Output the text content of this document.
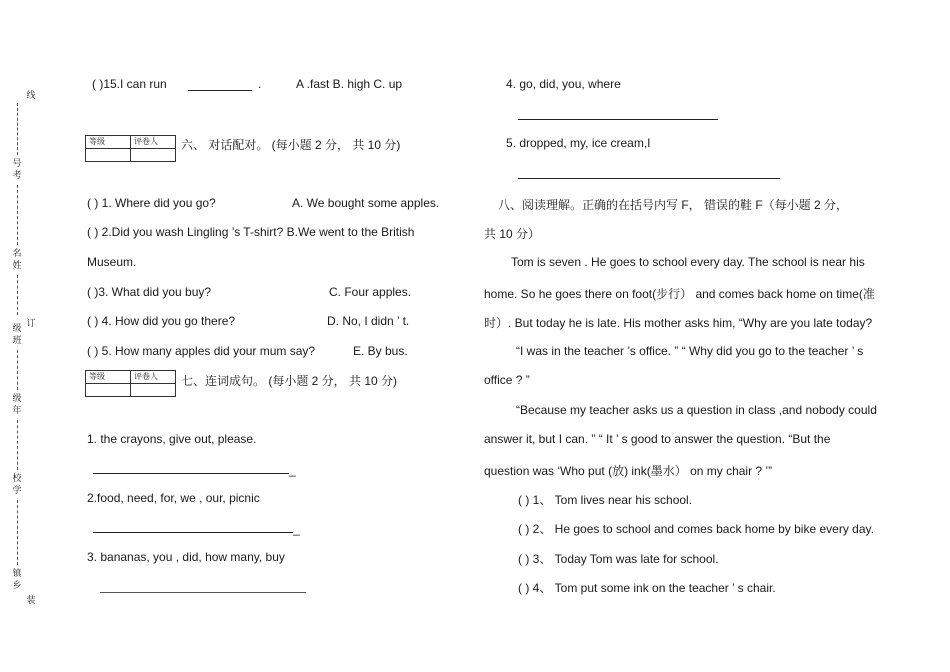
线
号
考
名
姓
订
级
班
级
年
校
学
镇
乡
装
( )15.I can run	.	A .fast B. high C. up
等级	评卷人
	六、 对话配对。 (每小题 2 分， 共 10 分)
( ) 1. Where did you go?	A. We bought some apples.
( ) 2.Did you wash Lingling ’s T-shirt? B.We went to the British
Museum.
( )3. What did you buy?	C. Four apples.
( ) 4. How did you go there?	D. No, I didn ’ t.
( ) 5. How many apples did your mum say?	E. By bus.
等级	评卷人
	七、连词成句。 (每小题 2 分， 共 10 分)
1. the crayons, give out, please.
_
2.food, need, for, we , our, picnic
_
3. bananas, you , did, how many, buy
4. go, did, you, where
5. dropped, my, ice cream,I
八、阅读理解。正确的在括号内写 F， 错误的鞋 F（每小题 2 分，
共 10 分）
Tom is seven . He goes to school every day. The school is near his
home. So he goes there on foot(步行） and comes back home on time(准
时）. But today he is late. His mother asks him, “Why are you late today?
“I was in the teacher ’s office. ” “ Why did you go to the teacher ’ s
office ? ”
“Because my teacher asks us a question in class ,and nobody could
answer it, but I can. ” “ It ’ s good to answer the question. “But the
question was ‘Who put (放) ink(墨水） on my chair ? ’”
( ) 1、 Tom lives near his school.
( ) 2、 He goes to school and comes back home by bike every day.
( ) 3、 Today Tom was late for school.
( ) 4、 Tom put some ink on the teacher ’ s chair.
